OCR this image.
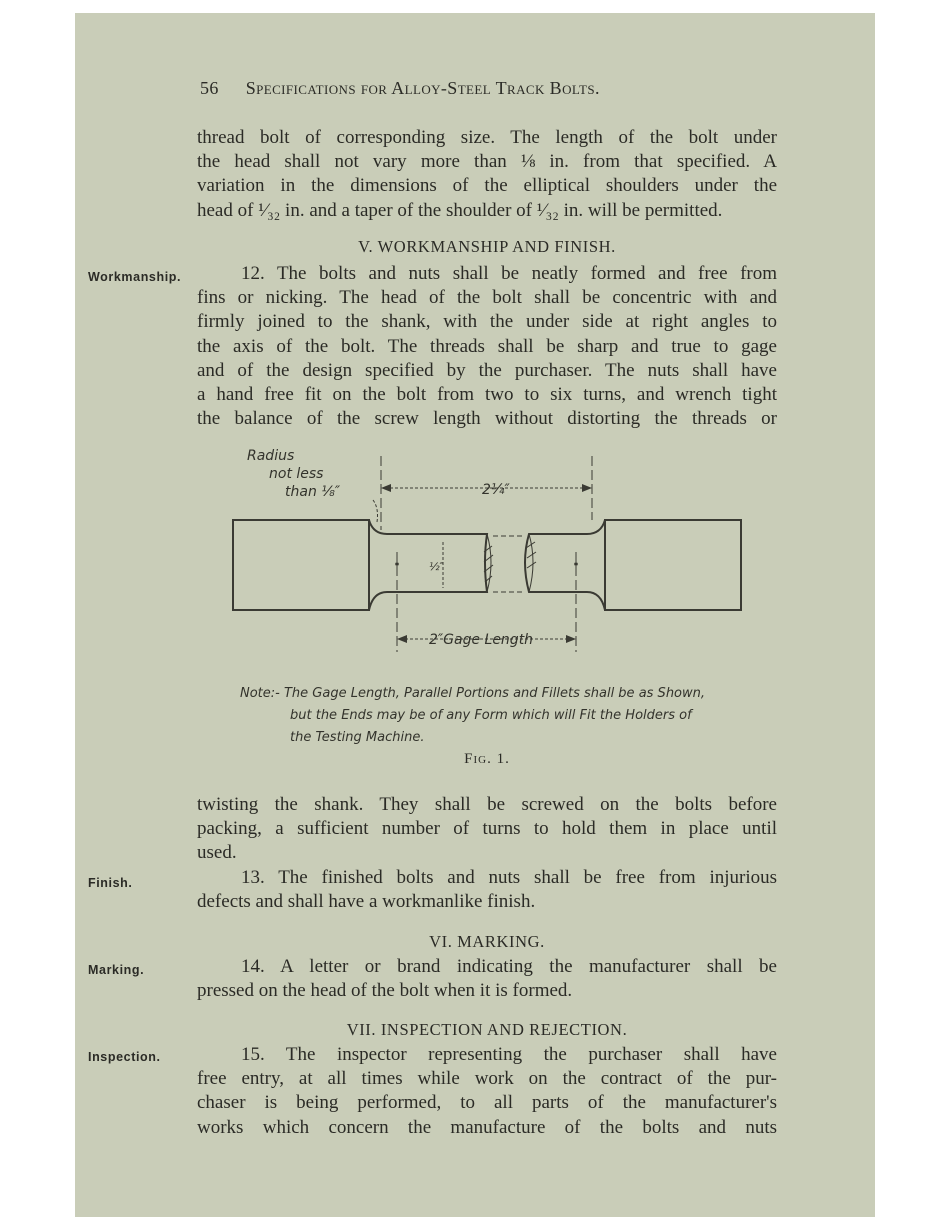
56 Specifications for Alloy-Steel Track Bolts.
thread bolt of corresponding size. The length of the bolt under
the head shall not vary more than ⅛ in. from that specified. A
variation in the dimensions of the elliptical shoulders under the
head of ¹⁄₃₂ in. and a taper of the shoulder of ¹⁄₃₂ in. will be permitted.
V. WORKMANSHIP AND FINISH.
Workmanship.	12. The bolts and nuts shall be neatly formed and free from
fins or nicking. The head of the bolt shall be concentric with and
firmly joined to the shank, with the under side at right angles to
the axis of the bolt. The threads shall be sharp and true to gage
and of the design specified by the purchaser. The nuts shall have
a hand free fit on the bolt from two to six turns, and wrench tight
the balance of the screw length without distorting the threads or
Radius
not less
than ⅛″	2¼″
½″
2″Gage Length
Note:- The Gage Length, Parallel Portions and Fillets shall be as Shown,
but the Ends may be of any Form which will Fit the Holders of
the Testing Machine.
Fig. 1.
twisting the shank. They shall be screwed on the bolts before
packing, a sufficient number of turns to hold them in place until
used.
Finish.	13. The finished bolts and nuts shall be free from injurious
defects and shall have a workmanlike finish.
VI. MARKING.
Marking.	14. A letter or brand indicating the manufacturer shall be
pressed on the head of the bolt when it is formed.
VII. INSPECTION AND REJECTION.
Inspection.	15. The inspector representing the purchaser shall have
free entry, at all times while work on the contract of the pur-
chaser is being performed, to all parts of the manufacturer's
works which concern the manufacture of the bolts and nuts
